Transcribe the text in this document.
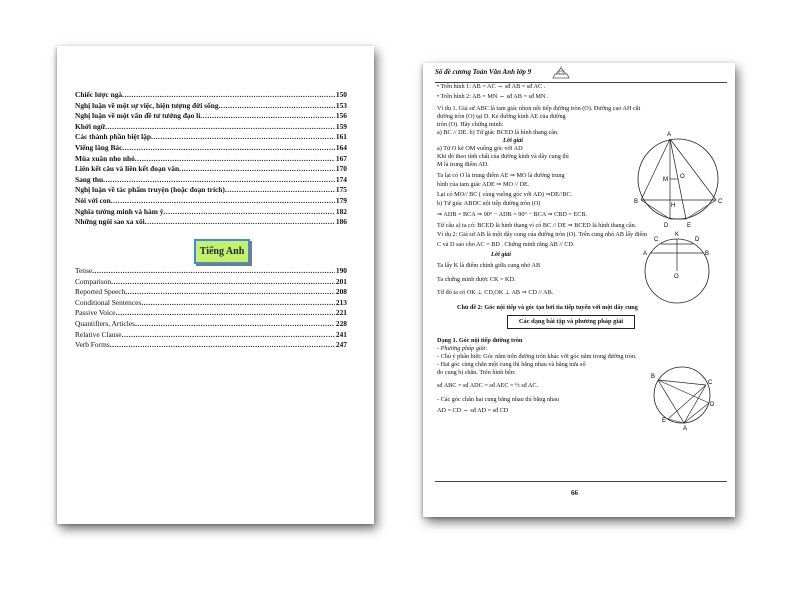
Chiếc lược ngà .....	150
Nghị luận về một sự việc, hiện tượng đời sống .....	153
Nghị luận về một vấn đề tư tưởng đạo lí .....	156
Khởi ngữ .....	159
Các thành phần biệt lập .....	161
Viếng lăng Bác .....	164
Mùa xuân nho nhỏ .....	167
Liên kết câu và liên kết đoạn văn .....	170
Sang thu .....	174
Nghị luận về tác phẩm truyện (hoặc đoạn trích) .....	175
Nói với con .....	179
Nghĩa tường minh và hàm ý .....	182
Những ngôi sao xa xôi .....	186
Tiếng Anh
Tense .....	190
Comparison .....	201
Reported Speech .....	208
Conditional Sentences .....	213
Passive Voice .....	221
Quantifiers, Articles .....	228
Relative Clause .....	241
Verb Forms .....	247
Sổ đề cương Toán Văn Anh lớp 9
• Trên hình 1: AB = AC ⇔ sđ AB = sđ AC .
• Trên hình 2: AB = MN ⇔ sđ AB = sđ MN .
Ví dụ 1. Giả sử ABC là tam giác nhọn nội tiếp đường tròn (O). Đường cao AH cắt
đường tròn (O) tại D. Kẻ đường kính AE của đường
tròn (O). Hãy chứng minh:
a) BC // DE. b) Tứ giác BCED là hình thang cân.
Lời giải
a) Từ O kẻ OM vuông góc với AD
Khi đó theo tính chất của đường kính và dây cung thì
M là trung điểm AD.
Ta lại có O là trung điểm AE ⇒ MO là đường trung
bình của tam giác ADE ⇒ MO // DE.
Lại có MO// BC ( cùng vuông góc với AD) ⇒DE//BC.
b) Tứ giác ABDC nội tiếp đường tròn (O)
⇒ ADB = BCA ⇒ 90° − ADB = 90° − BCA ⇒ CBD = ECB.
Từ câu a) ta có: BCED là hình thang vì có BC // DE ⇒ BCED là hình thang cân.
Ví dụ 2: Giả sử AB là một dây cung của đường tròn (O). Trên cung nhỏ AB lấy điểm
C và D sao cho AC = BD . Chứng minh rằng AB // CD.
Lời giải
Ta lấy K là điểm chính giữa cung nhỏ AB
Ta chứng minh được CK = KD.
Từ đó ta có OK ⊥ CD,OK ⊥ AB ⇒ CD // AB.
Chủ đề 2: Góc nội tiếp và góc tạo bởi tia tiếp tuyến với một dây cung
Các dạng bài tập và phương pháp giải
Dạng 1. Góc nội tiếp đường tròn
- Phương pháp giải:
- Chú ý phân biệt: Góc nằm trên đường tròn khác với góc nằm trong đường tròn.
- Hai góc cùng chắn một cung thì bằng nhau và bằng nửa số
đo cung bị chắn. Trên hình bên:
sđ ABC = sđ ADC = sđ AEC = ½ sđ AC.
- Các góc chắn hai cung bằng nhau thì bằng nhau
AD = CD ⇔ sđ AD = sđ CD
A
M O
B
H
C
D	E
K
A	B
C	D
O
B
C
D
A
E
66
